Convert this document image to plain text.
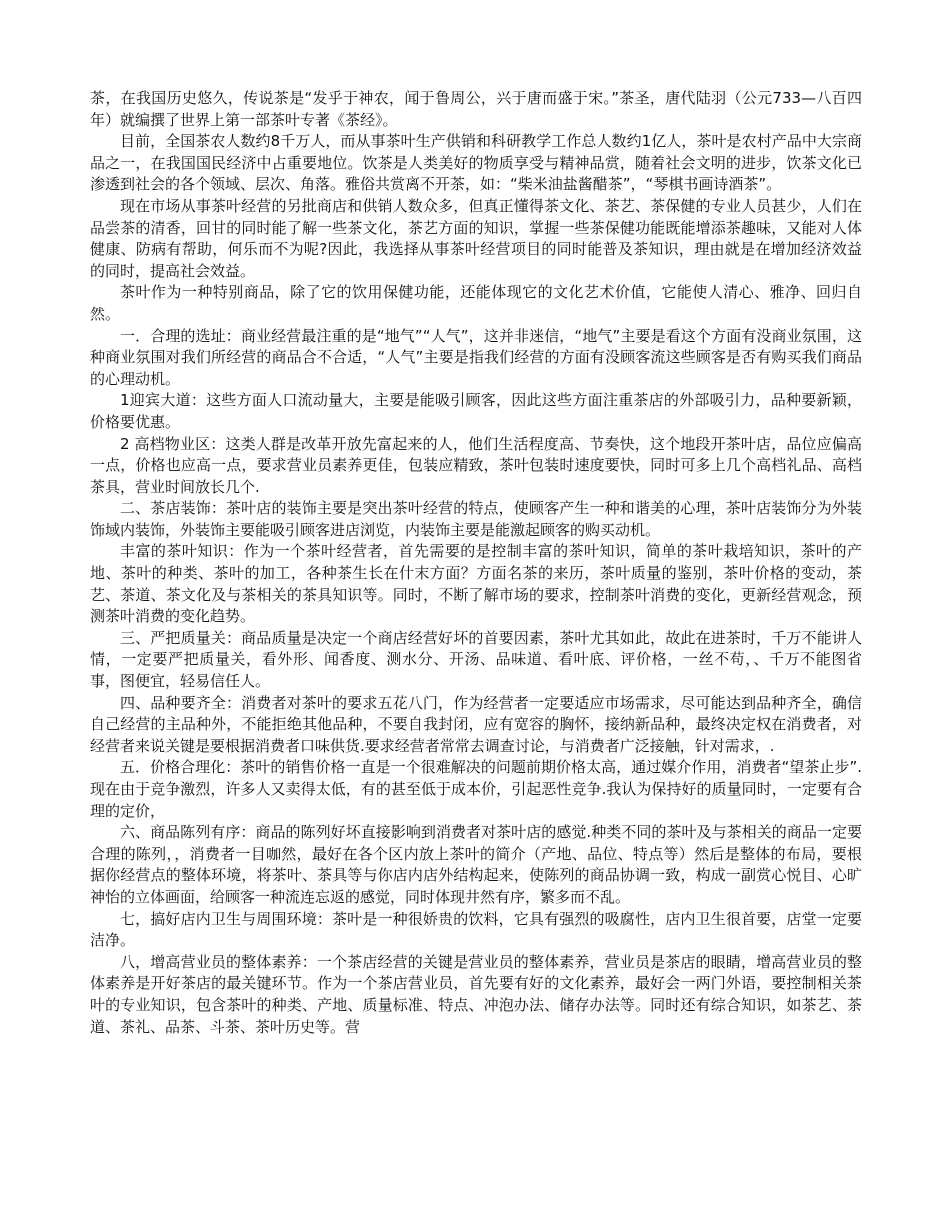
茶，在我国历史悠久，传说茶是“发乎于神农，闻于鲁周公，兴于唐而盛于宋。”茶圣，唐代陆羽（公元733—八百四年）就编撰了世界上第一部茶叶专著《茶经》。

目前，全国茶农人数约8千万人，而从事茶叶生产供销和科研教学工作总人数约1亿人，茶叶是农村产品中大宗商品之一，在我国国民经济中占重要地位。饮茶是人类美好的物质享受与精神品赏，随着社会文明的进步，饮茶文化已渗透到社会的各个领域、层次、角落。雅俗共赏离不开茶，如：“柴米油盐酱醋茶”，“琴棋书画诗酒茶”。

现在市场从事茶叶经营的另批商店和供销人数众多，但真正懂得茶文化、茶艺、茶保健的专业人员甚少，人们在品尝茶的清香，回甘的同时能了解一些茶文化，茶艺方面的知识，掌握一些茶保健功能既能增添茶趣味，又能对人体健康、防病有帮助，何乐而不为呢?因此，我选择从事茶叶经营项目的同时能普及茶知识，理由就是在增加经济效益的同时，提高社会效益。

茶叶作为一种特别商品，除了它的饮用保健功能，还能体现它的文化艺术价值，它能使人清心、雅净、回归自然。

一．合理的选址：商业经营最注重的是“地气”“人气”，这并非迷信，“地气”主要是看这个方面有没商业氛围，这种商业氛围对我们所经营的商品合不合适，“人气”主要是指我们经营的方面有没顾客流这些顾客是否有购买我们商品的心理动机。

1迎宾大道：这些方面人口流动量大，主要是能吸引顾客，因此这些方面注重茶店的外部吸引力，品种要新颖，价格要优惠。

2 高档物业区：这类人群是改革开放先富起来的人，他们生活程度高、节奏快，这个地段开茶叶店，品位应偏高一点，价格也应高一点，要求营业员素养更佳，包装应精致，茶叶包装时速度要快，同时可多上几个高档礼品、高档茶具，营业时间放长几个.

二、茶店装饰：茶叶店的装饰主要是突出茶叶经营的特点，使顾客产生一种和谐美的心理，茶叶店装饰分为外装饰域内装饰，外装饰主要能吸引顾客进店浏览，内装饰主要是能激起顾客的购买动机。

丰富的茶叶知识：作为一个茶叶经营者，首先需要的是控制丰富的茶叶知识，简单的茶叶栽培知识，茶叶的产地、茶叶的种类、茶叶的加工，各种茶生长在什末方面？方面名茶的来历，茶叶质量的鉴别，茶叶价格的变动，茶艺、茶道、茶文化及与茶相关的茶具知识等。同时，不断了解市场的要求，控制茶叶消费的变化，更新经营观念，预测茶叶消费的变化趋势。

三、严把质量关：商品质量是决定一个商店经营好坏的首要因素，茶叶尤其如此，故此在进茶时，千万不能讲人情，一定要严把质量关，看外形、闻香度、测水分、开汤、品味道、看叶底、评价格，一丝不苟，、千万不能图省事，图便宜，轻易信任人。

四、品种要齐全：消费者对茶叶的要求五花八门，作为经营者一定要适应市场需求，尽可能达到品种齐全，确信自己经营的主品种外，不能拒绝其他品种，不要自我封闭，应有宽容的胸怀，接纳新品种，最终决定权在消费者，对经营者来说关键是要根据消费者口味供货.要求经营者常常去调查讨论，与消费者广泛接触，针对需求，.

五．价格合理化：茶叶的销售价格一直是一个很难解决的问题前期价格太高，通过媒介作用，消费者“望茶止步”.现在由于竞争激烈，许多人又卖得太低，有的甚至低于成本价，引起恶性竞争.我认为保持好的质量同时，一定要有合理的定价，

六、商品陈列有序：商品的陈列好坏直接影响到消费者对茶叶店的感觉.种类不同的茶叶及与茶相关的商品一定要合理的陈列，，消费者一目咖然，最好在各个区内放上茶叶的简介（产地、品位、特点等）然后是整体的布局，要根据你经营点的整体环境，将茶叶、茶具等与你店内店外结构起来，使陈列的商品协调一致，构成一副赏心悦目、心旷神怡的立体画面，给顾客一种流连忘返的感觉，同时体现井然有序，繁多而不乱。

七，搞好店内卫生与周围环境：茶叶是一种很娇贵的饮料，它具有强烈的吸腐性，店内卫生很首要，店堂一定要洁净。

八，增高营业员的整体素养：一个茶店经营的关键是营业员的整体素养，营业员是茶店的眼睛，增高营业员的整体素养是开好茶店的最关键环节。作为一个茶店营业员，首先要有好的文化素养，最好会一两门外语，要控制相关茶叶的专业知识，包含茶叶的种类、产地、质量标准、特点、冲泡办法、储存办法等。同时还有综合知识，如茶艺、茶道、茶礼、品茶、斗茶、茶叶历史等。营
